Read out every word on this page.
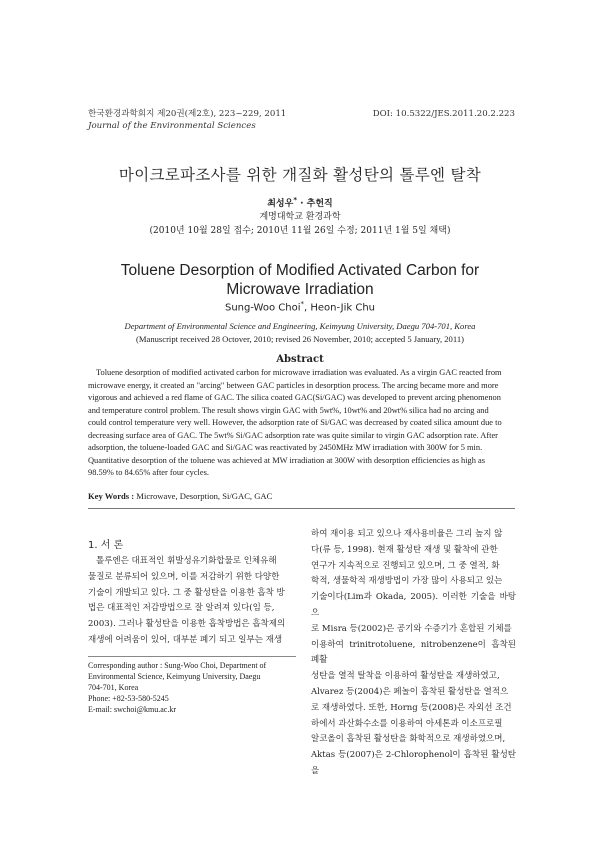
한국환경과학회지 제20권(제2호), 223~229, 2011
Journal of the Environmental Sciences
DOI: 10.5322/JES.2011.20.2.223
마이크로파조사를 위한 개질화 활성탄의 톨루엔 탈착
최성우* · 추헌직
계명대학교 환경과학
(2010년 10월 28일 접수; 2010년 11월 26일 수정; 2011년 1월 5일 채택)
Toluene Desorption of Modified Activated Carbon for
Microwave Irradiation
Sung-Woo Choi*, Heon-Jik Chu
Department of Environmental Science and Engineering, Keimyung University, Daegu 704-701, Korea
(Manuscript received 28 Octover, 2010; revised 26 November, 2010; accepted 5 January, 2011)
Abstract
Toluene desorption of modified activated carbon for microwave irradiation was evaluated. As a virgin GAC reacted from
microwave energy, it created an "arcing" between GAC particles in desorption process. The arcing became more and more
vigorous and achieved a red flame of GAC. The silica coated GAC(Si/GAC) was developed to prevent arcing phenomenon
and temperature control problem. The result shows virgin GAC with 5wt%, 10wt% and 20wt% silica had no arcing and
could control temperature very well. However, the adsorption rate of Si/GAC was decreased by coated silica amount due to
decreasing surface area of GAC. The 5wt% Si/GAC adsorption rate was quite similar to virgin GAC adsorption rate. After
adsorption, the toluene-loaded GAC and Si/GAC was reactivated by 2450MHz MW irradiation with 300W for 5 min.
Quantitative desorption of the toluene was achieved at MW irradiation at 300W with desorption efficiencies as high as
98.59% to 84.65% after four cycles.
Key Words : Microwave, Desorption, Si/GAC, GAC
1. 서 론
톨루엔은 대표적인 휘발성유기화합물로 인체유해
물질로 분류되어 있으며, 이를 저감하기 위한 다양한
기술이 개발되고 있다. 그 중 활성탄을 이용한 흡착 방
법은 대표적인 저감방법으로 잘 알려져 있다(임 등,
2003). 그러나 활성탄을 이용한 흡착방법은 흡착제의
재생에 어려움이 있어, 대부분 폐기 되고 일부는 재생
Corresponding author : Sung-Woo Choi, Department of
Environmental Science, Keimyung University, Daegu
704-701, Korea
Phone: +82-53-580-5245
E-mail: swchoi@kmu.ac.kr
하여 재이용 되고 있으나 재사용비율은 그리 높지 않
다(류 등, 1998). 현재 활성탄 재생 및 활착에 관한
연구가 지속적으로 진행되고 있으며, 그 중 열적, 화
학적, 생물학적 재생방법이 가장 많이 사용되고 있는
기술이다(Lim과 Okada, 2005). 이러한 기술을 바탕으
로 Misra 등(2002)은 공기와 수증기가 혼합된 기체를
이용하여 trinitrotoluene, nitrobenzene이 흡착된 폐활
성탄을 열적 탈착을 이용하여 활성탄을 재생하였고,
Alvarez 등(2004)은 페놀이 흡착된 활성탄을 열적으
로 재생하였다. 또한, Horng 등(2008)은 자외선 조건
하에서 과산화수소를 이용하여 아세톤과 이소프로필
알코올이 흡착된 활성탄을 화학적으로 재생하였으며,
Aktas 등(2007)은 2-Chlorophenol이 흡착된 활성탄을
